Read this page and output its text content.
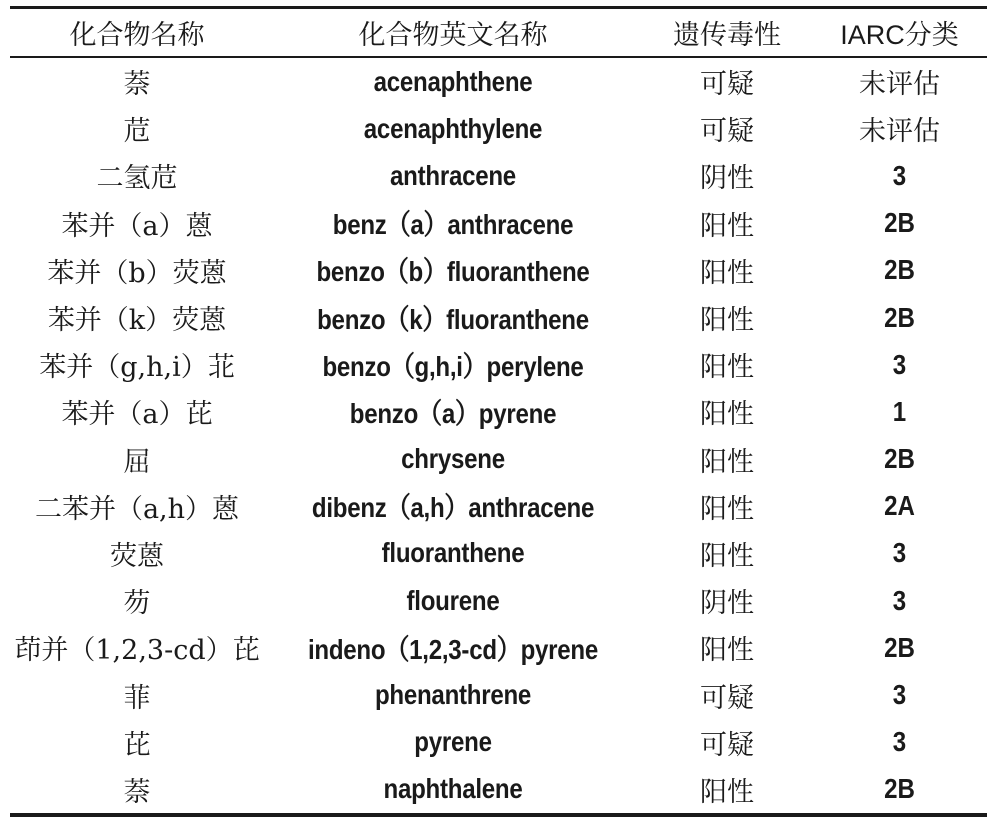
化合物名称	化合物英文名称	遗传毒性	IARC分类
萘	acenaphthene	可疑	未评估
苊	acenaphthylene	可疑	未评估
二氢苊	anthracene	阴性	3
苯并（a）蒽	benz（a）anthracene	阳性	2B
苯并（b）荧蒽	benzo（b）fluoranthene	阳性	2B
苯并（k）荧蒽	benzo（k）fluoranthene	阳性	2B
苯并（g,h,i）苝	benzo（g,h,i）perylene	阳性	3
苯并（a）芘	benzo（a）pyrene	阳性	1
屈	chrysene	阳性	2B
二苯并（a,h）蒽	dibenz（a,h）anthracene	阳性	2A
荧蒽	fluoranthene	阳性	3
芴	flourene	阴性	3
茚并（1,2,3-cd）芘	indeno（1,2,3-cd）pyrene	阳性	2B
菲	phenanthrene	可疑	3
芘	pyrene	可疑	3
萘	naphthalene	阳性	2B
